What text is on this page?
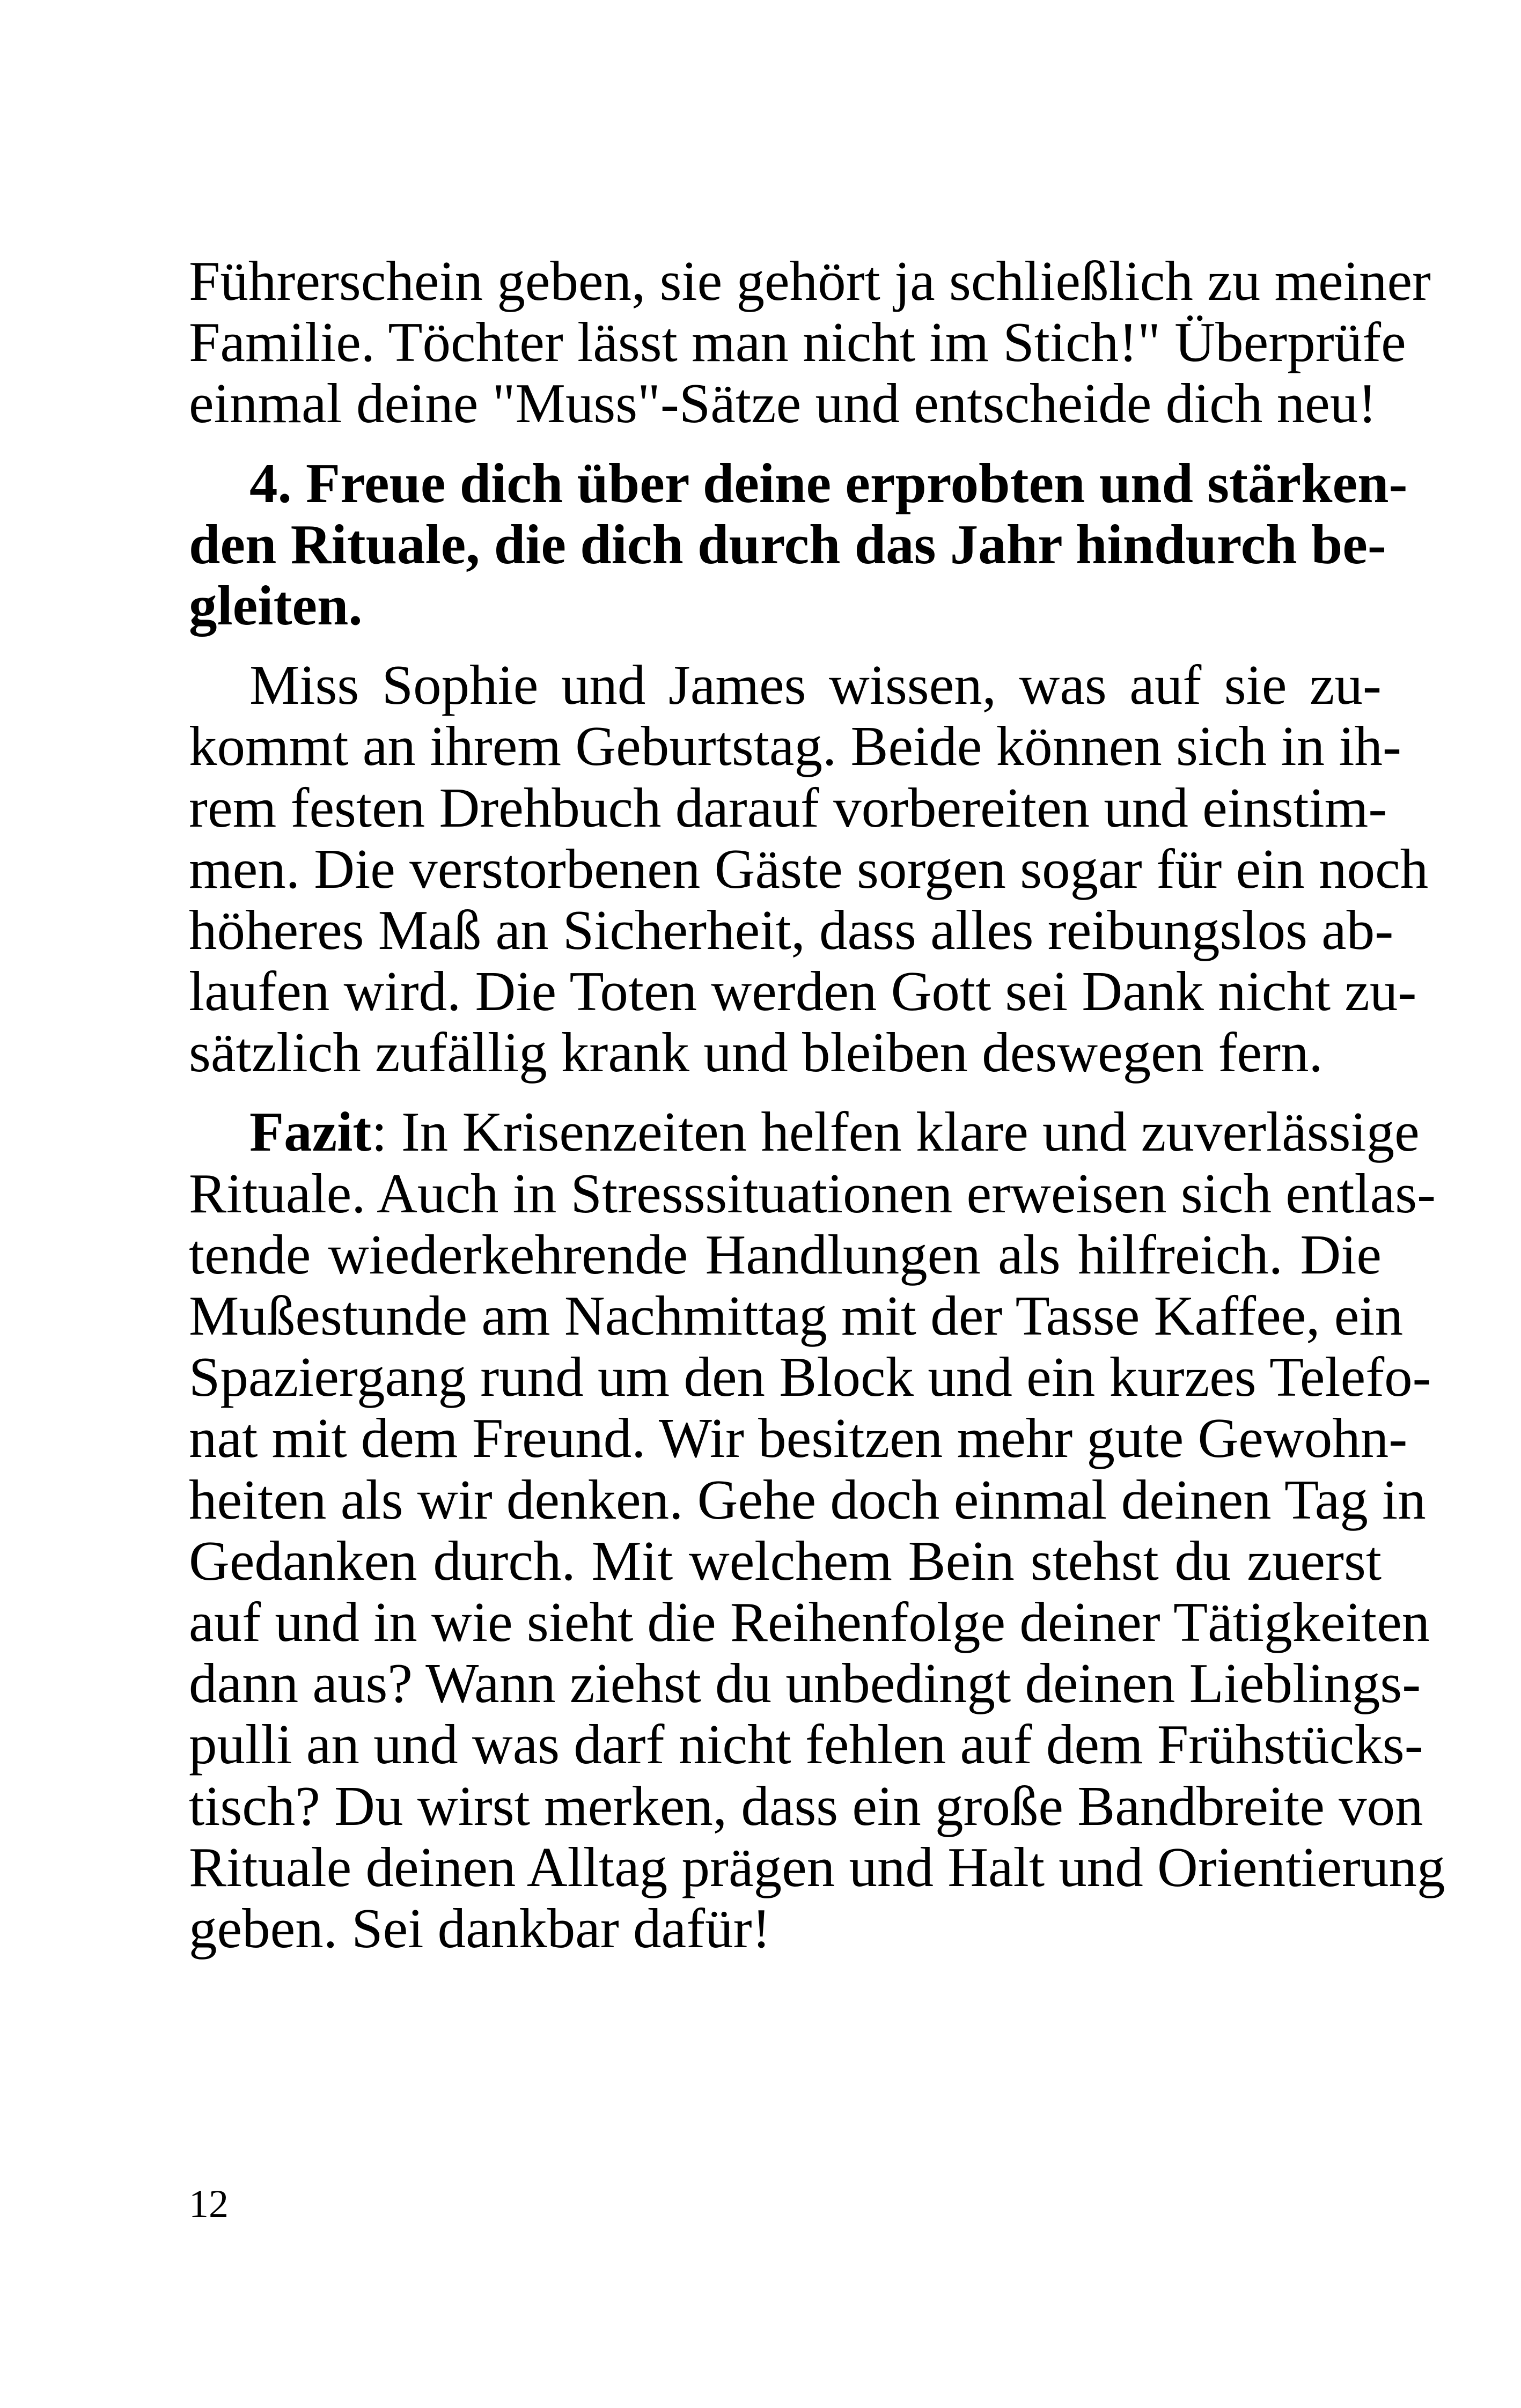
Führerschein geben, sie gehört ja schließlich zu meiner
Familie. Töchter lässt man nicht im Stich!" Überprüfe
einmal deine "Muss"-Sätze und entscheide dich neu!
4. Freue dich über deine erprobten und stärken-
den Rituale, die dich durch das Jahr hindurch be-
gleiten.
Miss Sophie und James wissen, was auf sie zu-
kommt an ihrem Geburtstag. Beide können sich in ih-
rem festen Drehbuch darauf vorbereiten und einstim-
men. Die verstorbenen Gäste sorgen sogar für ein noch
höheres Maß an Sicherheit, dass alles reibungslos ab-
laufen wird. Die Toten werden Gott sei Dank nicht zu-
sätzlich zufällig krank und bleiben deswegen fern.
Fazit: In Krisenzeiten helfen klare und zuverlässige
Rituale. Auch in Stresssituationen erweisen sich entlas-
tende wiederkehrende Handlungen als hilfreich. Die
Mußestunde am Nachmittag mit der Tasse Kaffee, ein
Spaziergang rund um den Block und ein kurzes Telefo-
nat mit dem Freund. Wir besitzen mehr gute Gewohn-
heiten als wir denken. Gehe doch einmal deinen Tag in
Gedanken durch. Mit welchem Bein stehst du zuerst
auf und in wie sieht die Reihenfolge deiner Tätigkeiten
dann aus? Wann ziehst du unbedingt deinen Lieblings-
pulli an und was darf nicht fehlen auf dem Frühstücks-
tisch? Du wirst merken, dass ein große Bandbreite von
Rituale deinen Alltag prägen und Halt und Orientierung
geben. Sei dankbar dafür!
12
